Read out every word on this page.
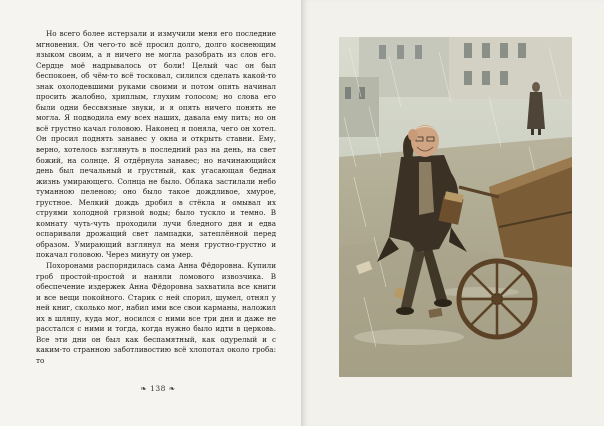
Но всего более истерзали и измучили меня его последние мгновения. Он чего-то всё просил долго, долго коснеющим языком своим, а я ничего не могла разобрать из слов его. Сердце моё надрывалось от боли! Целый час он был беспокоен, об чём-то всё тосковал, силился сделать какой-то знак охолодевшими руками своими и потом опять начинал просить жалобно, хриплым, глухим голосом; но слова его были одни бессвязные звуки, и я опять ничего понять не могла. Я подводила ему всех наших, давала ему пить; но он всё грустно качал головою. Наконец я поняла, чего он хотел. Он просил поднять занавес у окна и открыть ставни. Ему, верно, хотелось взглянуть в последний раз на день, на свет божий, на солнце. Я отдёрнула занавес; но начинающийся день был печальный и грустный, как угасающая бедная жизнь умирающего. Солнца не было. Облака застилали небо туманною пеленою; оно было такое дождливое, хмурое, грустное. Мелкий дождь дробил в стёкла и омывал их струями холодной грязной воды; было тускло и темно. В комнату чуть-чуть проходили лучи бледного дня и едва оспаривали дрожащий свет лампадки, затеплённой перед образом. Умирающий взглянул на меня грустно-грустно и покачал головою. Через минуту он умер.

Похоронами распорядилась сама Анна Фёдоровна. Купили гроб простой-простой и наняли ломового извозчика. В обеспечение издержек Анна Фёдоровна захватила все книги и все вещи покойного. Старик с ней спорил, шумел, отнял у ней книг, сколько мог, набил ими все свои карманы, наложил их в шляпу, куда мог, носился с ними все три дня и даже не расстался с ними и тогда, когда нужно было идти в церковь. Все эти дни он был как беспамятный, как одурелый и с каким-то странною заботливостию всё хлопотал около гроба: то

❧ 138 ❧
